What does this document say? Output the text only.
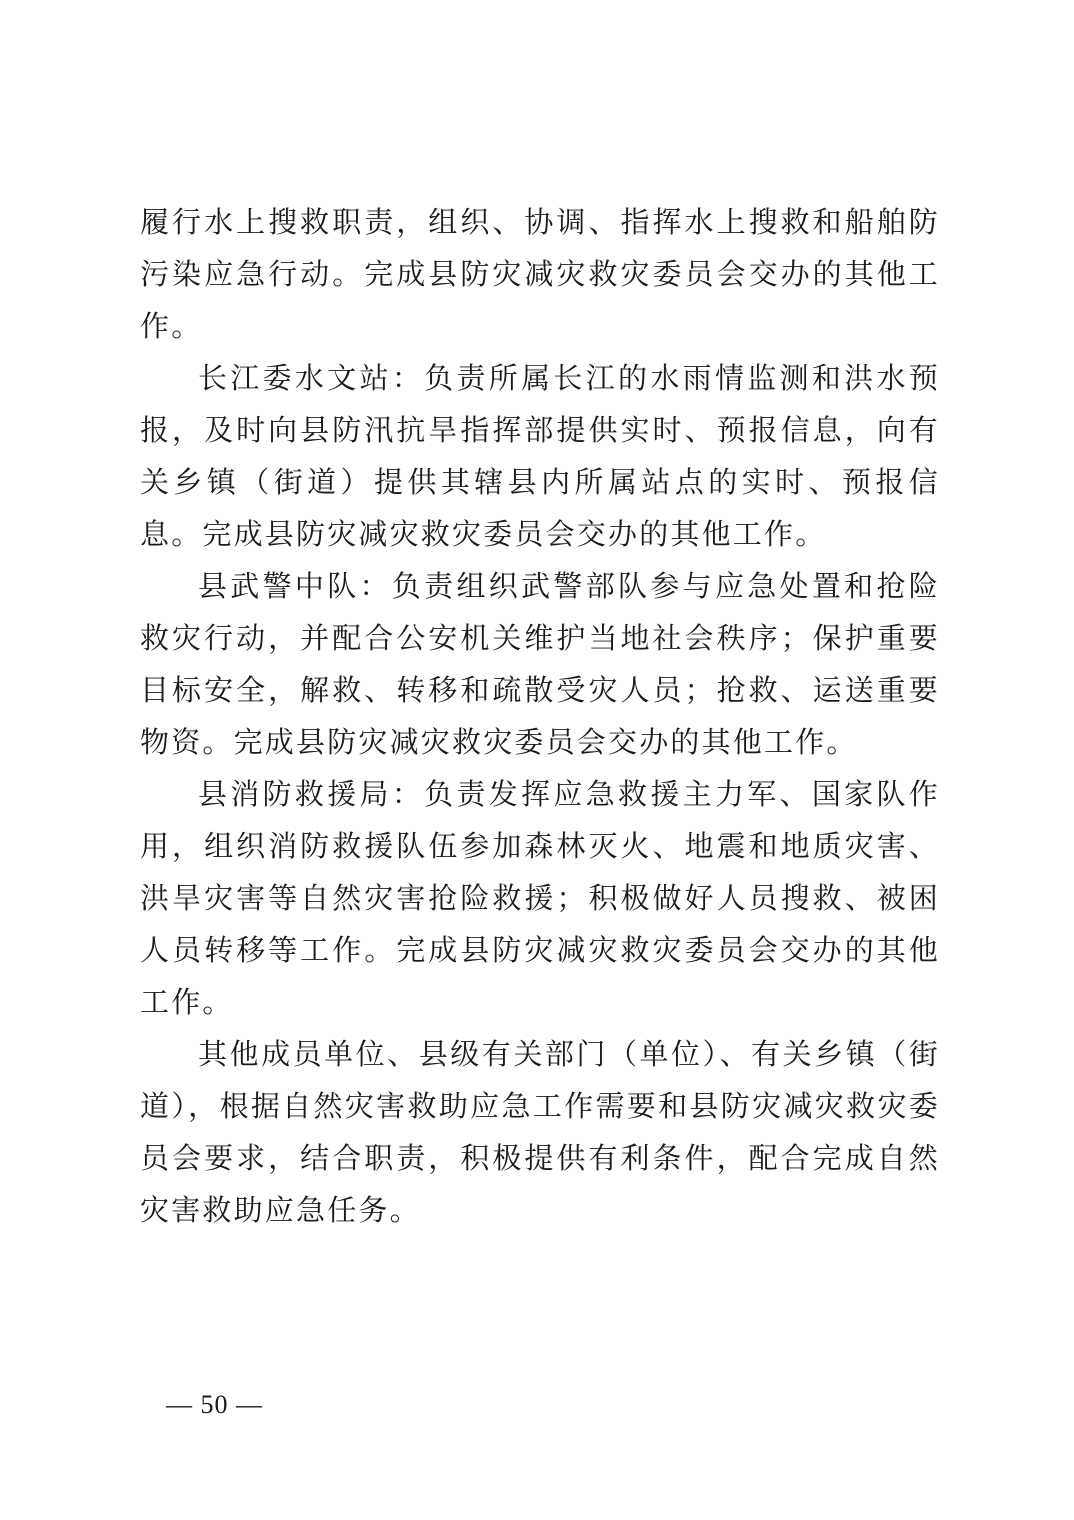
履行水上搜救职责，组织、协调、指挥水上搜救和船舶防污染应急行动。完成县防灾减灾救灾委员会交办的其他工作。

长江委水文站：负责所属长江的水雨情监测和洪水预报，及时向县防汛抗旱指挥部提供实时、预报信息，向有关乡镇（街道）提供其辖县内所属站点的实时、预报信息。完成县防灾减灾救灾委员会交办的其他工作。

县武警中队：负责组织武警部队参与应急处置和抢险救灾行动，并配合公安机关维护当地社会秩序；保护重要目标安全，解救、转移和疏散受灾人员；抢救、运送重要物资。完成县防灾减灾救灾委员会交办的其他工作。

县消防救援局：负责发挥应急救援主力军、国家队作用，组织消防救援队伍参加森林灭火、地震和地质灾害、洪旱灾害等自然灾害抢险救援；积极做好人员搜救、被困人员转移等工作。完成县防灾减灾救灾委员会交办的其他工作。

其他成员单位、县级有关部门（单位）、有关乡镇（街道），根据自然灾害救助应急工作需要和县防灾减灾救灾委员会要求，结合职责，积极提供有利条件，配合完成自然灾害救助应急任务。

— 50 —
